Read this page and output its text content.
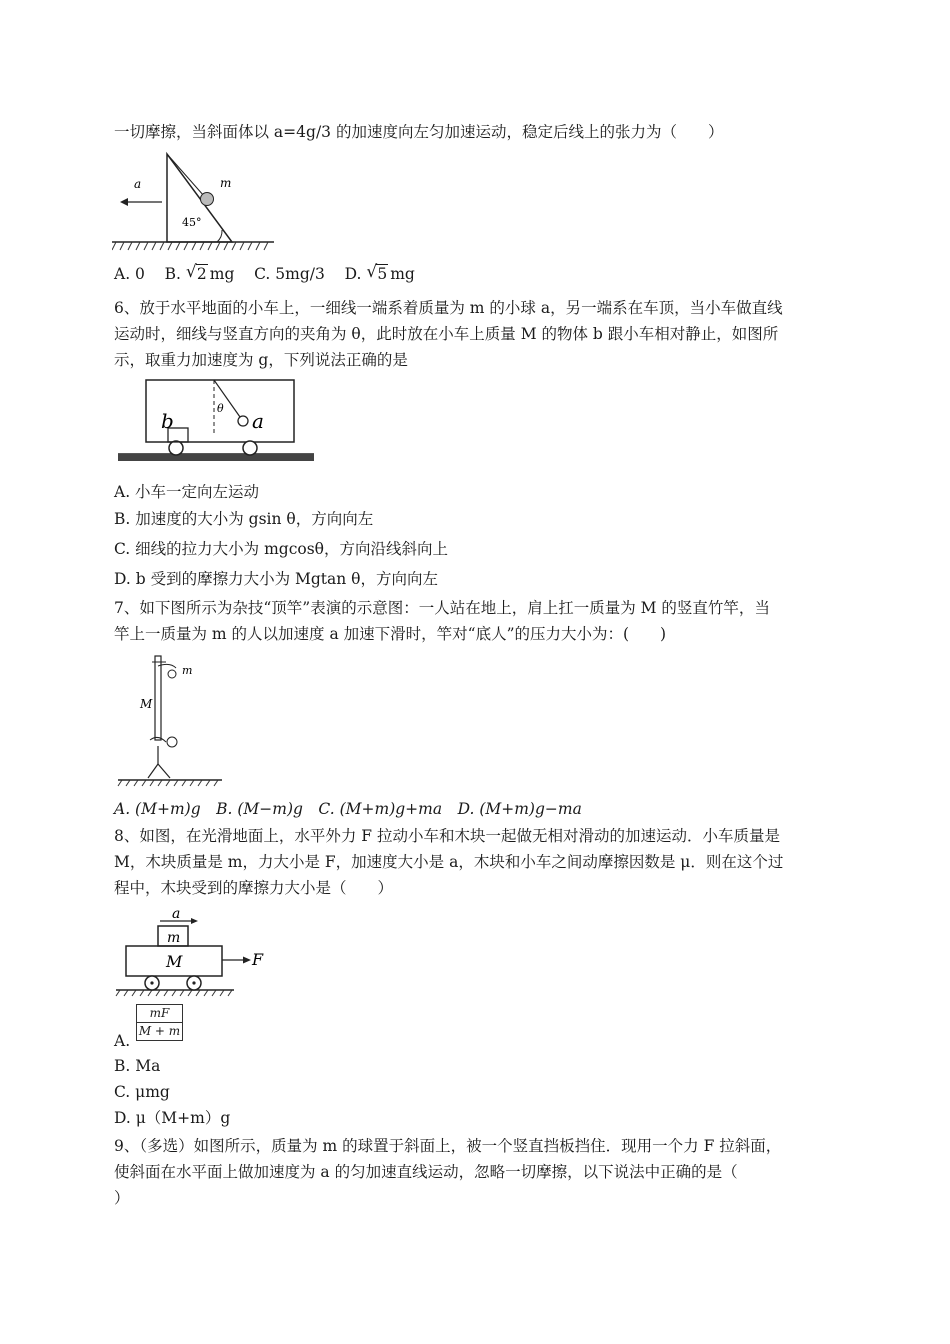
一切摩擦，当斜面体以 a=4g/3 的加速度向左匀加速运动，稳定后线上的张力为（　　）
a	m
45°
A. 0 B. √ 2 mg C. 5mg/3 D. √ 5 mg
6、放于水平地面的小车上，一细线一端系着质量为 m 的小球 a，另一端系在车顶，当小车做直线
运动时，细线与竖直方向的夹角为 θ，此时放在小车上质量 M 的物体 b 跟小车相对静止，如图所
示，取重力加速度为 g，下列说法正确的是
b
θ
a
A. 小车一定向左运动
B. 加速度的大小为 gsin θ，方向向左
C. 细线的拉力大小为 mgcosθ，方向沿线斜向上
D. b 受到的摩擦力大小为 Mgtan θ，方向向左
7、如下图所示为杂技“顶竿”表演的示意图：一人站在地上，肩上扛一质量为 M 的竖直竹竿，当
竿上一质量为 m 的人以加速度 a 加速下滑时，竿对“底人”的压力大小为：(　　)
m
M
A. (M+m)g　B. (M−m)g　C. (M+m)g+ma　D. (M+m)g−ma
8、如图，在光滑地面上，水平外力 F 拉动小车和木块一起做无相对滑动的加速运动．小车质量是
M，木块质量是 m，力大小是 F，加速度大小是 a，木块和小车之间动摩擦因数是 μ．则在这个过
程中，木块受到的摩擦力大小是（　　）
a
m
M	F
A. $\frac{mF}{M + m}$
B. Ma
C. μmg
D. μ（M+m）g
9、（多选）如图所示，质量为 m 的球置于斜面上，被一个竖直挡板挡住．现用一个力 F 拉斜面，
使斜面在水平面上做加速度为 a 的匀加速直线运动，忽略一切摩擦，以下说法中正确的是（
）
